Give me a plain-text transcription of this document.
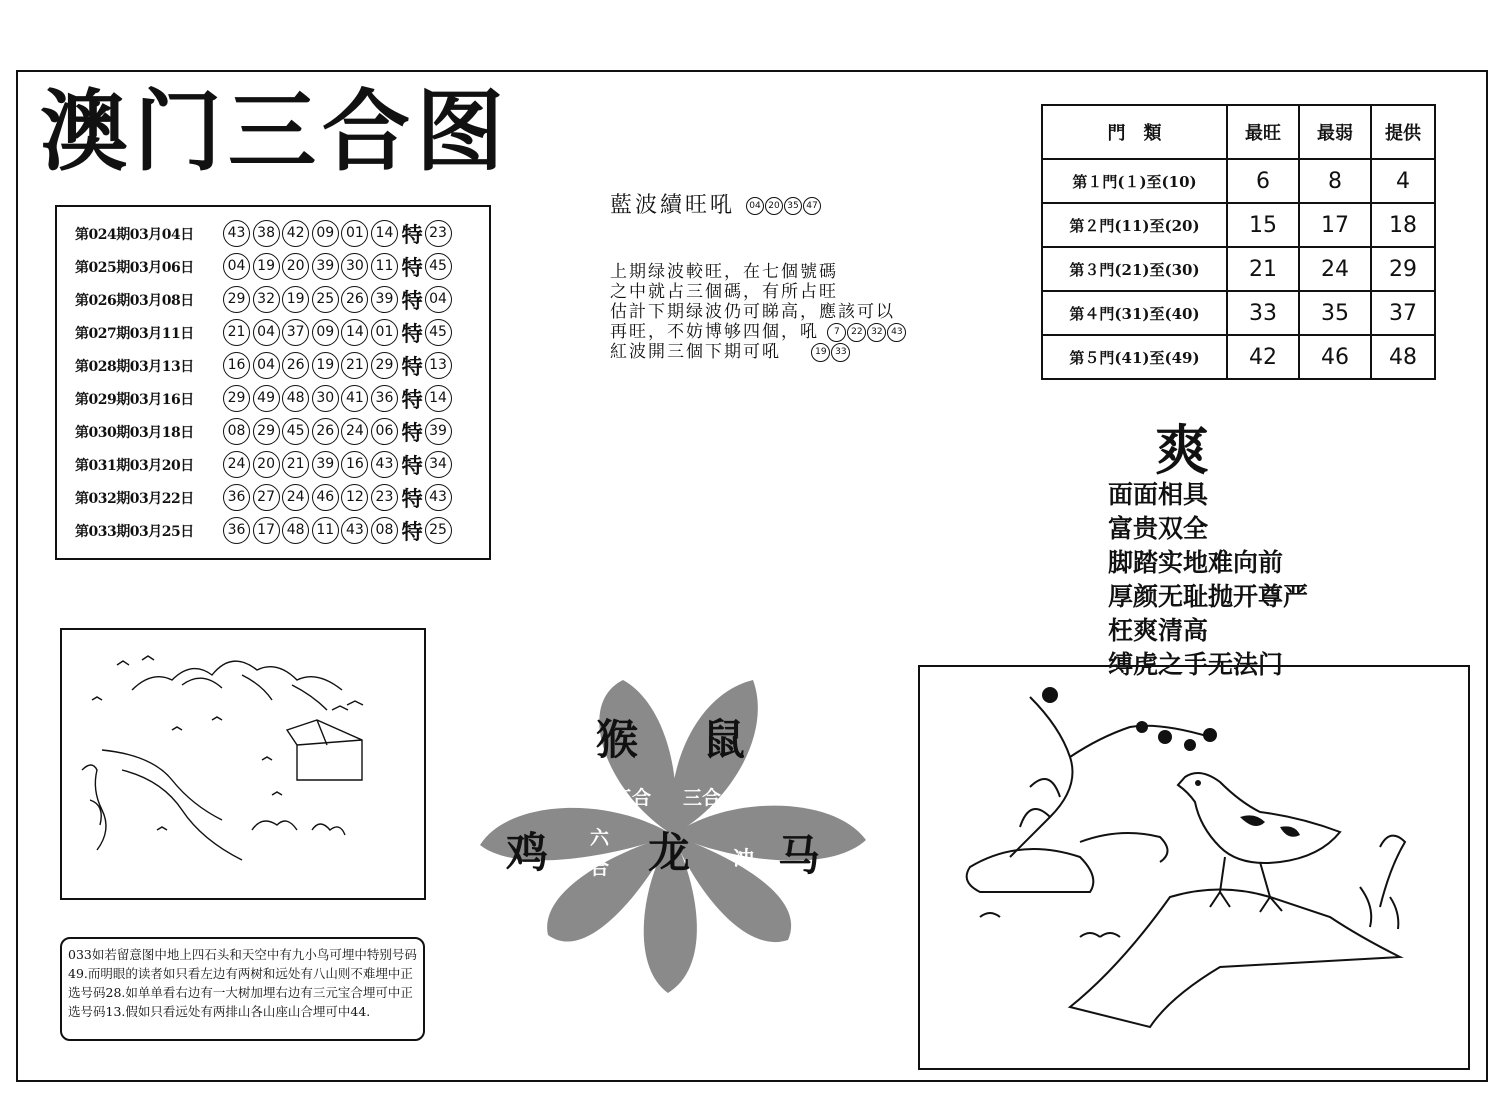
澳门三合图
第024期03月04日	43 38 42 09 01 14 特 23
第025期03月06日	04 19 20 39 30 11 特 45
第026期03月08日	29 32 19 25 26 39 特 04
第027期03月11日	21 04 37 09 14 01 特 45
第028期03月13日	16 04 26 19 21 29 特 13
第029期03月16日	29 49 48 30 41 36 特 14
第030期03月18日	08 29 45 26 24 06 特 39
第031期03月20日	24 20 21 39 16 43 特 34
第032期03月22日	36 27 24 46 12 23 特 43
第033期03月25日	36 17 48 11 43 08 特 25
藍波續旺吼 04 20 35 47
上期绿波較旺，在七個號碼
之中就占三個碼，有所占旺
估計下期绿波仍可睇高，應該可以
再旺，不妨博够四個，吼 7 22 32 43
紅波開三個下期可吼	19 33
門　類	最旺	最弱	提供
第１門(１)至(10)	6	8	4
第２門(11)至(20)	15	17	18
第３門(21)至(30)	21	24	29
第４門(31)至(40)	33	35	37
第５門(41)至(49)	42	46	48
爽
面面相具
富贵双全
脚踏实地难向前
厚颜无耻抛开尊严
枉爽清高
缚虎之手无法门
033如若留意图中地上四石头和天空中有九小鸟可埋中特别号码49.而明眼的读者如只看左边有两树和远处有八山则不难埋中正选号码28.如单单看右边有一大树加埋右边有三元宝合埋可中正选号码13.假如只看远处有两排山各山座山合埋可中44.
猴 鼠
鸡 龙 马
三合 三合
六
合	冲
